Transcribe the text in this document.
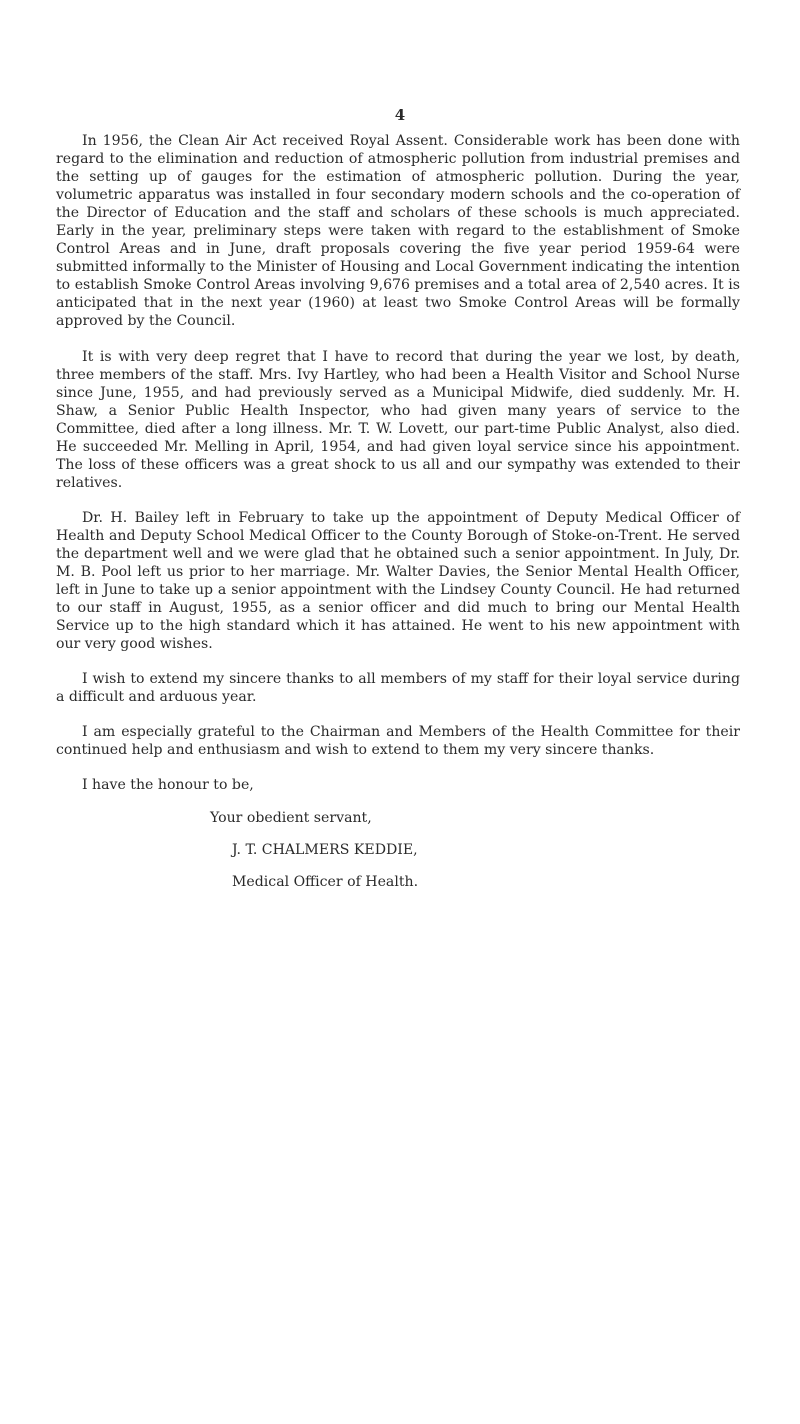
4

In 1956, the Clean Air Act received Royal Assent. Considerable work has been done with regard to the elimination and reduction of atmospheric pollution from industrial premises and the setting up of gauges for the estimation of atmospheric pollution. During the year, volumetric apparatus was installed in four secondary modern schools and the co-operation of the Director of Education and the staff and scholars of these schools is much appreciated. Early in the year, preliminary steps were taken with regard to the establishment of Smoke Control Areas and in June, draft proposals covering the five year period 1959-64 were submitted informally to the Minister of Housing and Local Government indicating the intention to establish Smoke Control Areas involving 9,676 premises and a total area of 2,540 acres. It is anticipated that in the next year (1960) at least two Smoke Control Areas will be formally approved by the Council.

It is with very deep regret that I have to record that during the year we lost, by death, three members of the staff. Mrs. Ivy Hartley, who had been a Health Visitor and School Nurse since June, 1955, and had previously served as a Municipal Midwife, died suddenly. Mr. H. Shaw, a Senior Public Health Inspector, who had given many years of service to the Committee, died after a long illness. Mr. T. W. Lovett, our part-time Public Analyst, also died. He succeeded Mr. Melling in April, 1954, and had given loyal service since his appointment. The loss of these officers was a great shock to us all and our sympathy was extended to their relatives.

Dr. H. Bailey left in February to take up the appointment of Deputy Medical Officer of Health and Deputy School Medical Officer to the County Borough of Stoke-on-Trent. He served the department well and we were glad that he obtained such a senior appointment. In July, Dr. M. B. Pool left us prior to her marriage. Mr. Walter Davies, the Senior Mental Health Officer, left in June to take up a senior appointment with the Lindsey County Council. He had returned to our staff in August, 1955, as a senior officer and did much to bring our Mental Health Service up to the high standard which it has attained. He went to his new appointment with our very good wishes.

I wish to extend my sincere thanks to all members of my staff for their loyal service during a difficult and arduous year.

I am especially grateful to the Chairman and Members of the Health Committee for their continued help and enthusiasm and wish to extend to them my very sincere thanks.

I have the honour to be,

Your obedient servant,

J. T. CHALMERS KEDDIE,

Medical Officer of Health.
